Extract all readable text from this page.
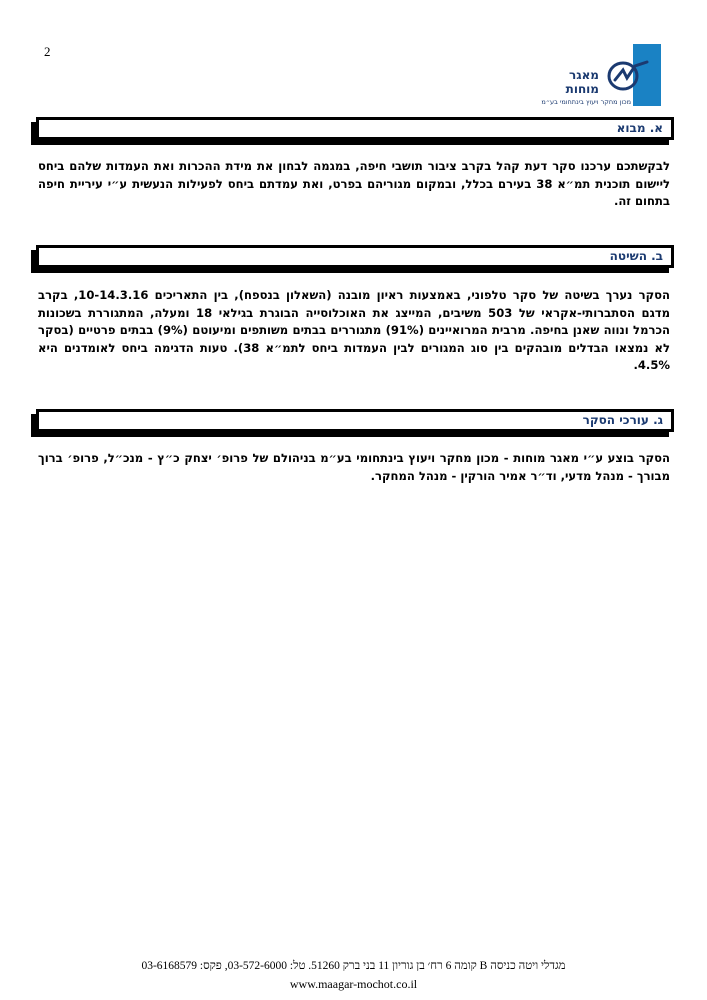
2
מאגר
מוחות
מכון מחקר ויעוץ בינתחומי בע״מ
א. מבוא

לבקשתכם ערכנו סקר דעת קהל בקרב ציבור תושבי חיפה, במגמה לבחון את מידת ההכרות ואת העמדות שלהם ביחס ליישום תוכנית תמ״א 38 בעירם בכלל, ובמקום מגוריהם בפרט, ואת עמדתם ביחס לפעילות הנעשית ע״י עיריית חיפה בתחום זה.

ב. השיטה

הסקר נערך בשיטה של סקר טלפוני, באמצעות ראיון מובנה (השאלון בנספח), בין התאריכים 10-14.3.16, בקרב מדגם הסתברותי-אקראי של 503 משיבים, המייצג את האוכלוסייה הבוגרת בגילאי 18 ומעלה, המתגוררת בשכונות הכרמל ונווה שאנן בחיפה. מרבית המרואיינים (91%) מתגוררים בבתים משותפים ומיעוטם (9%) בבתים פרטיים (בסקר לא נמצאו הבדלים מובהקים בין סוג המגורים לבין העמדות ביחס לתמ״א 38). טעות הדגימה ביחס לאומדנים היא 4.5%.

ג. עורכי הסקר

הסקר בוצע ע״י מאגר מוחות - מכון מחקר ויעוץ בינתחומי בע״מ בניהולם של פרופ׳ יצחק כ״ץ - מנכ״ל, פרופ׳ ברוך מבורך - מנהל מדעי, וד״ר אמיר הורקין - מנהל המחקר.

מגדלי ויטה כניסה B קומה 6 רח׳ בן גוריון 11 בני ברק 51260. טל: 03-572-6000, פקס: 03-6168579
www.maagar-mochot.co.il
